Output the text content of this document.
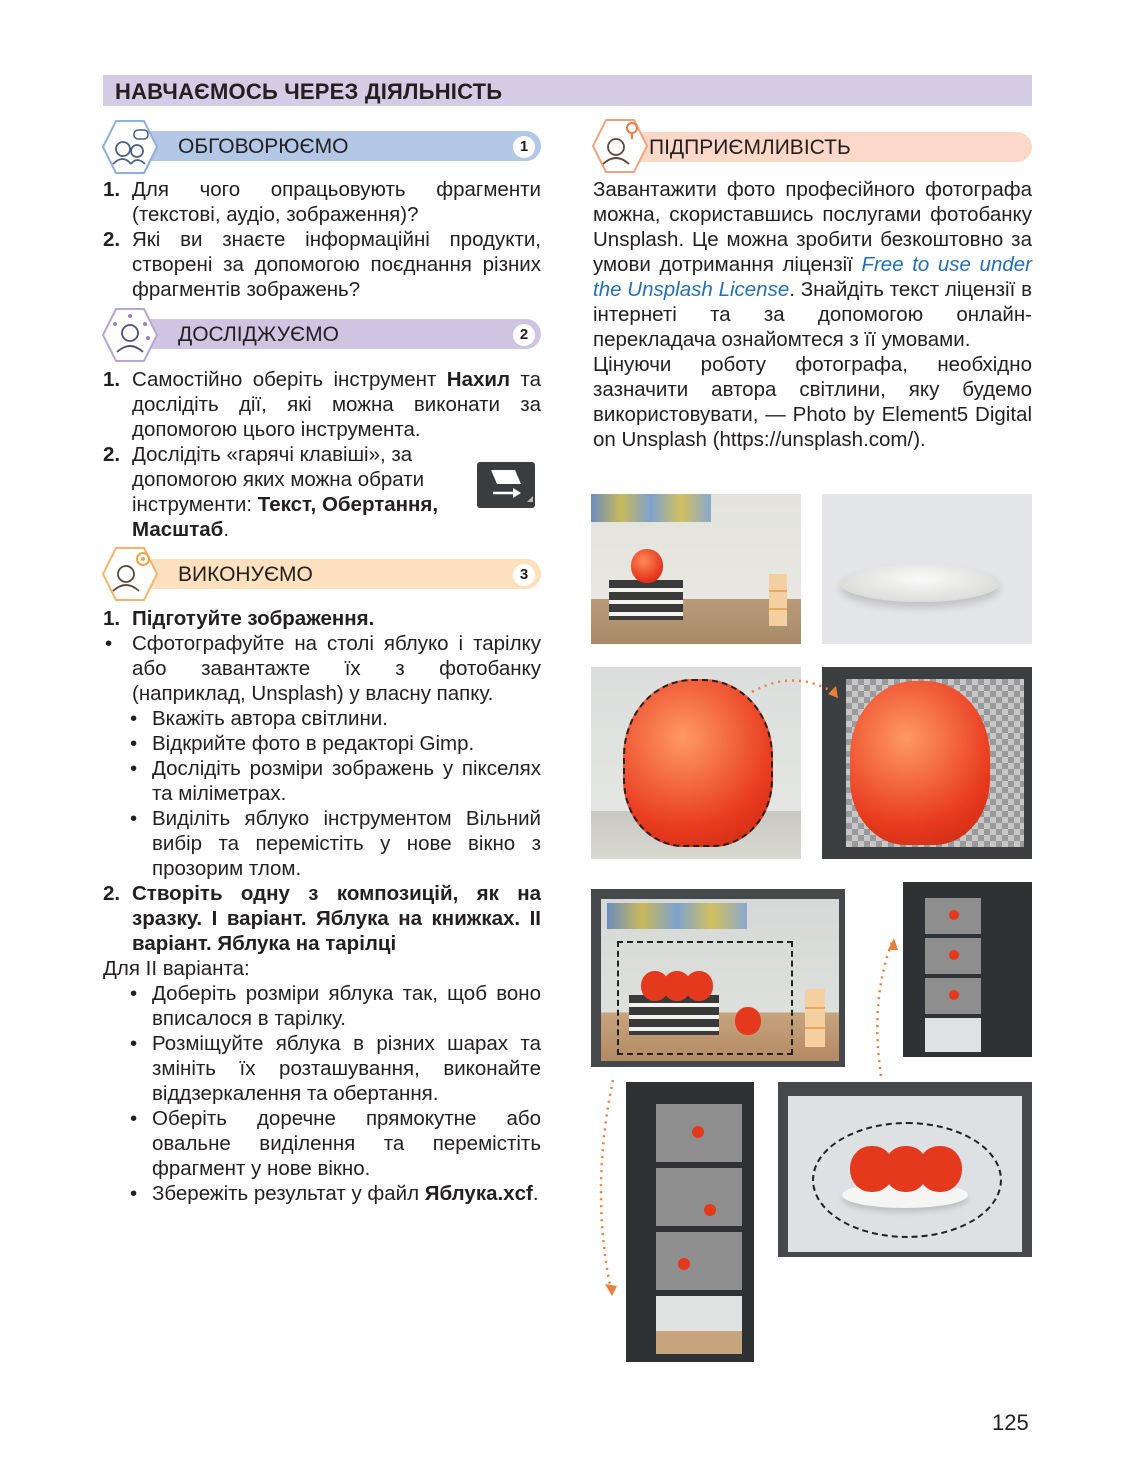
НАВЧАЄМОСЬ ЧЕРЕЗ ДІЯЛЬНІСТЬ
ОБГОВОРЮЄМО	1
1. Для чого опрацьовують фрагменти (текстові, аудіо, зображення)?
2. Які ви знаєте інформаційні продукти, створені за допомогою поєднання різних фрагментів зображень?
ДОСЛІДЖУЄМО	2
1. Самостійно оберіть інструмент Нахил та дослідіть дії, які можна виконати за допомогою цього інструмента.
2. Дослідіть «гарячі клавіші», за допомогою яких можна обрати інструменти: Текст, Обертання, Масштаб.
ВИКОНУЄМО	3
1. Підготуйте зображення.
• Сфотографуйте на столі яблуко і тарілку або завантажте їх з фотобанку (наприклад, Unsplash) у власну папку.
• Вкажіть автора світлини.
• Відкрийте фото в редакторі Gimp.
• Дослідіть розміри зображень у пікселях та міліметрах.
• Виділіть яблуко інструментом Вільний вибір та перемістіть у нове вікно з прозорим тлом.
2. Створіть одну з композицій, як на зразку. І варіант. Яблука на книжках. ІІ варіант. Яблука на тарілці
Для ІІ варіанта:
• Доберіть розміри яблука так, щоб воно вписалося в тарілку.
• Розміщуйте яблука в різних шарах та змініть їх розташування, виконайте віддзеркалення та обертання.
• Оберіть доречне прямокутне або овальне виділення та перемістіть фрагмент у нове вікно.
• Збережіть результат у файл Яблука.xcf.
ПІДПРИЄМЛИВІСТЬ
Завантажити фото професійного фотографа можна, скориставшись послугами фотобанку Unsplash. Це можна зробити безкоштовно за умови дотримання ліцензії Free to use under the Unsplash License. Знайдіть текст ліцензії в інтернеті та за допомогою онлайн-перекладача ознайомтеся з її умовами.
Цінуючи роботу фотографа, необхідно зазначити автора світлини, яку будемо використовувати, — Photo by Element5 Digital on Unsplash (https://unsplash.com/).
125
